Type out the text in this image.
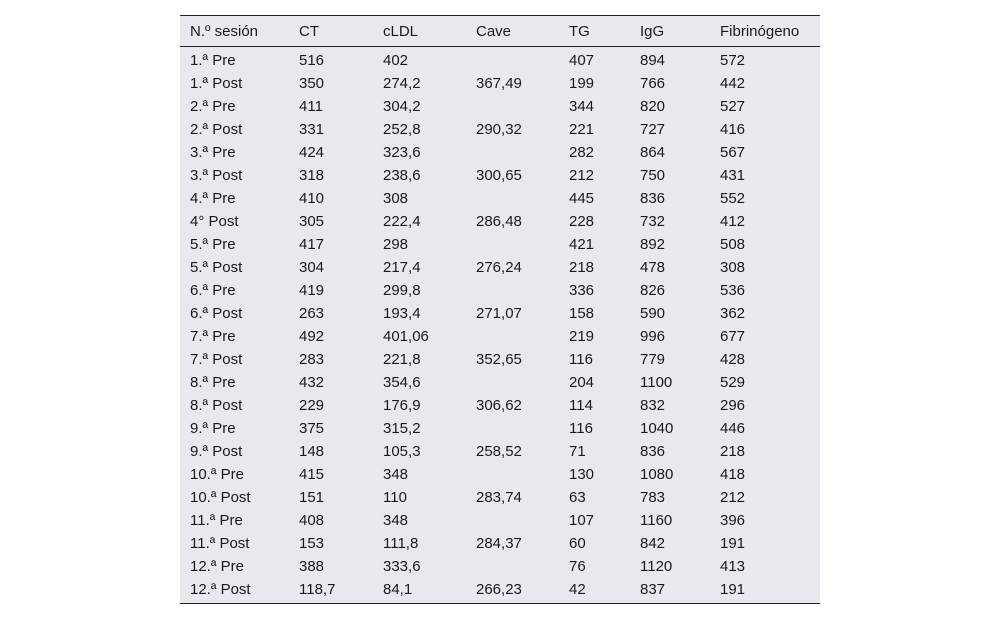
N.º sesión	CT	cLDL	Cave	TG	IgG	Fibrinógeno
1.ª Pre	516	402		407	894	572
1.ª Post	350	274,2	367,49	199	766	442
2.ª Pre	411	304,2		344	820	527
2.ª Post	331	252,8	290,32	221	727	416
3.ª Pre	424	323,6		282	864	567
3.ª Post	318	238,6	300,65	212	750	431
4.ª Pre	410	308		445	836	552
4° Post	305	222,4	286,48	228	732	412
5.ª Pre	417	298		421	892	508
5.ª Post	304	217,4	276,24	218	478	308
6.ª Pre	419	299,8		336	826	536
6.ª Post	263	193,4	271,07	158	590	362
7.ª Pre	492	401,06		219	996	677
7.ª Post	283	221,8	352,65	116	779	428
8.ª Pre	432	354,6		204	1100	529
8.ª Post	229	176,9	306,62	114	832	296
9.ª Pre	375	315,2		116	1040	446
9.ª Post	148	105,3	258,52	71	836	218
10.ª Pre	415	348		130	1080	418
10.ª Post	151	110	283,74	63	783	212
11.ª Pre	408	348		107	1160	396
11.ª Post	153	111,8	284,37	60	842	191
12.ª Pre	388	333,6		76	1120	413
12.ª Post	118,7	84,1	266,23	42	837	191
